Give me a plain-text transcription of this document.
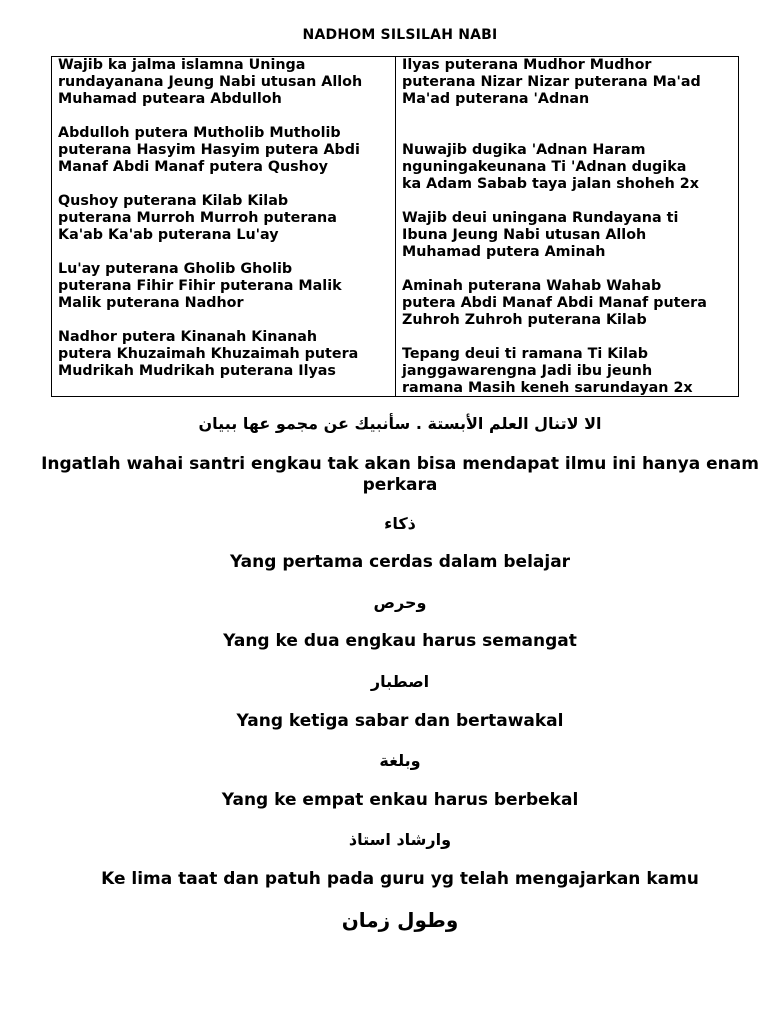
NADHOM SILSILAH NABI
Wajib ka jalma islamna Uninga
rundayanana Jeung Nabi utusan Alloh
Muhamad puteara Abdulloh
Abdulloh putera Mutholib Mutholib
puterana Hasyim Hasyim putera Abdi
Manaf Abdi Manaf putera Qushoy
Qushoy puterana Kilab Kilab
puterana Murroh Murroh puterana
Ka'ab Ka'ab puterana Lu'ay
Lu'ay puterana Gholib Gholib
puterana Fihir Fihir puterana Malik
Malik puterana Nadhor
Nadhor putera Kinanah Kinanah
putera Khuzaimah Khuzaimah putera
Mudrikah Mudrikah puterana Ilyas
Ilyas puterana Mudhor Mudhor
puterana Nizar Nizar puterana Ma'ad
Ma'ad puterana 'Adnan
Nuwajib dugika 'Adnan Haram
nguningakeunana Ti 'Adnan dugika
ka Adam Sabab taya jalan shoheh 2x
Wajib deui uningana Rundayana ti
Ibuna Jeung Nabi utusan Alloh
Muhamad putera Aminah
Aminah puterana Wahab Wahab
putera Abdi Manaf Abdi Manaf putera
Zuhroh Zuhroh puterana Kilab
Tepang deui ti ramana Ti Kilab
janggawarengna Jadi ibu jeunh
ramana Masih keneh sarundayan 2x
الا لاتنال العلم الأبستة . سأنبيك عن مجمو عها ببيان
Ingatlah wahai santri engkau tak akan bisa mendapat ilmu ini hanya enam perkara
ذكاء
Yang pertama cerdas dalam belajar
وحرص
Yang ke dua engkau harus semangat
اصطبار
Yang ketiga sabar dan bertawakal
وبلغة
Yang ke empat enkau harus berbekal
وارشاد استاذ
Ke lima taat dan patuh pada guru yg telah mengajarkan kamu
وطول زمان
